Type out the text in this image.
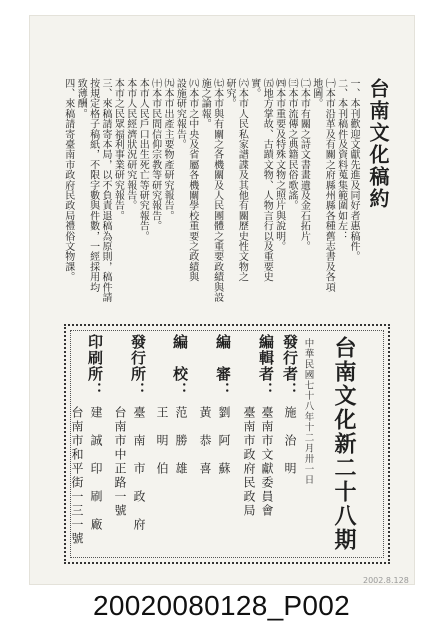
台南文化稿約
一、本刊歡迎文獻先進及同好者惠稿件。
二、本刊稿件及資料蒐集範圍如左：
㈠本市沿革及有關之府縣州縣各種舊志書及各項
地圖。
㈡本市有關之詩文書畫遺及金石拓片。
㈢本市流傳之典籍民俗歌謠。
㈣本市重要及特殊文物之照片與說明。
㈤地方掌故、古蹟文物、人物言行以及重要史
實。
㈥本市人民私家譜諜及其他有關歷史性文物之
研究。
㈦本市與有關之各機關及人民團體之重要政績與設
施之論報。
㈧本市之中央及省屬各機關學校重要之政績與
設施研究報告。
㈨本市出產主要物產研究報告。
㈩本市民間信仰宗教等研究報告。
本市人民戶口出生死亡等研究報告。
本市人民經濟狀況研究報告。
本市之民眾福利事業研究報告。
三、來稿請寄本局，以不負責退稿為原則，稿件請
按規定格子稿紙，不限字數與件數，一經採用均
致薄酬。
四、來稿請寄臺南市政府民政局禮俗文物課。
台南文化新二十八期
中華民國七十八年十二月卅一日
發行者：
施　治　明
編輯者：
臺南市文獻委員會
臺南市政府民政局
編　審：
劉　阿　蘇
黃　恭　喜
編　校：
范　勝　雄
王　明　伯
發行所：
臺　南　市　政　府
台南市中正路一號
印刷所：
建　誠　印　刷　廠
台南市和平街一三一號
2002.8.128
20020080128_P002
